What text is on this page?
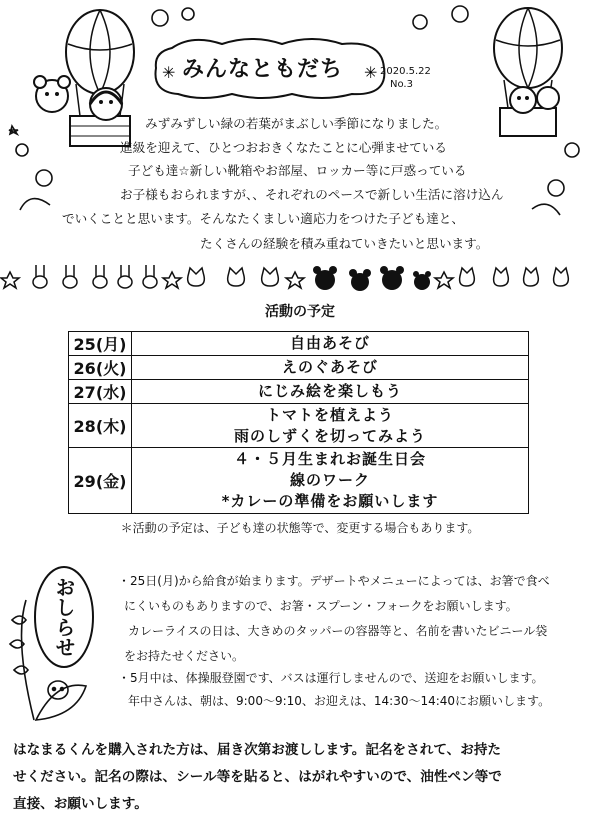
✳	✳
みんなともだち	2020.5.22
No.3
みずみずしい緑の若葉がまぶしい季節になりました。
進級を迎えて、ひとつおおきくなたことに心弾ませている
子ども達☆新しい靴箱やお部屋、ロッカー等に戸惑っている
お子様もおられますが、、それぞれのペースで新しい生活に溶け込ん
でいくことと思います。そんなたくましい適応力をつけた子ども達と、
たくさんの経験を積み重ねていきたいと思います。
活動の予定
25(月)	自由あそび

26(火)	えのぐあそび

27(水)	にじみ絵を楽しもう

28(木)	トマトを植えよう
雨のしずくを切ってみよう

29(金)	４・５月生まれお誕生日会
線のワーク
*カレーの準備をお願いします
＊活動の予定は、子ども達の状態等で、変更する場合もあります。
おしらせ	・25日(月)から給食が始まります。デザートやメニューによっては、お箸で食べ
にくいものもありますので、お箸・スプーン・フォークをお願いします。
カレーライスの日は、大きめのタッパーの容器等と、名前を書いたビニール袋
をお持たせください。
・5月中は、体操服登園です、バスは運行しませんので、送迎をお願いします。
年中さんは、朝は、9:00〜9:10、お迎えは、14:30〜14:40にお願いします。
はなまるくんを購入された方は、届き次第お渡しします。記名をされて、お持た
せください。記名の際は、シール等を貼ると、はがれやすいので、油性ペン等で
直接、お願いします。
